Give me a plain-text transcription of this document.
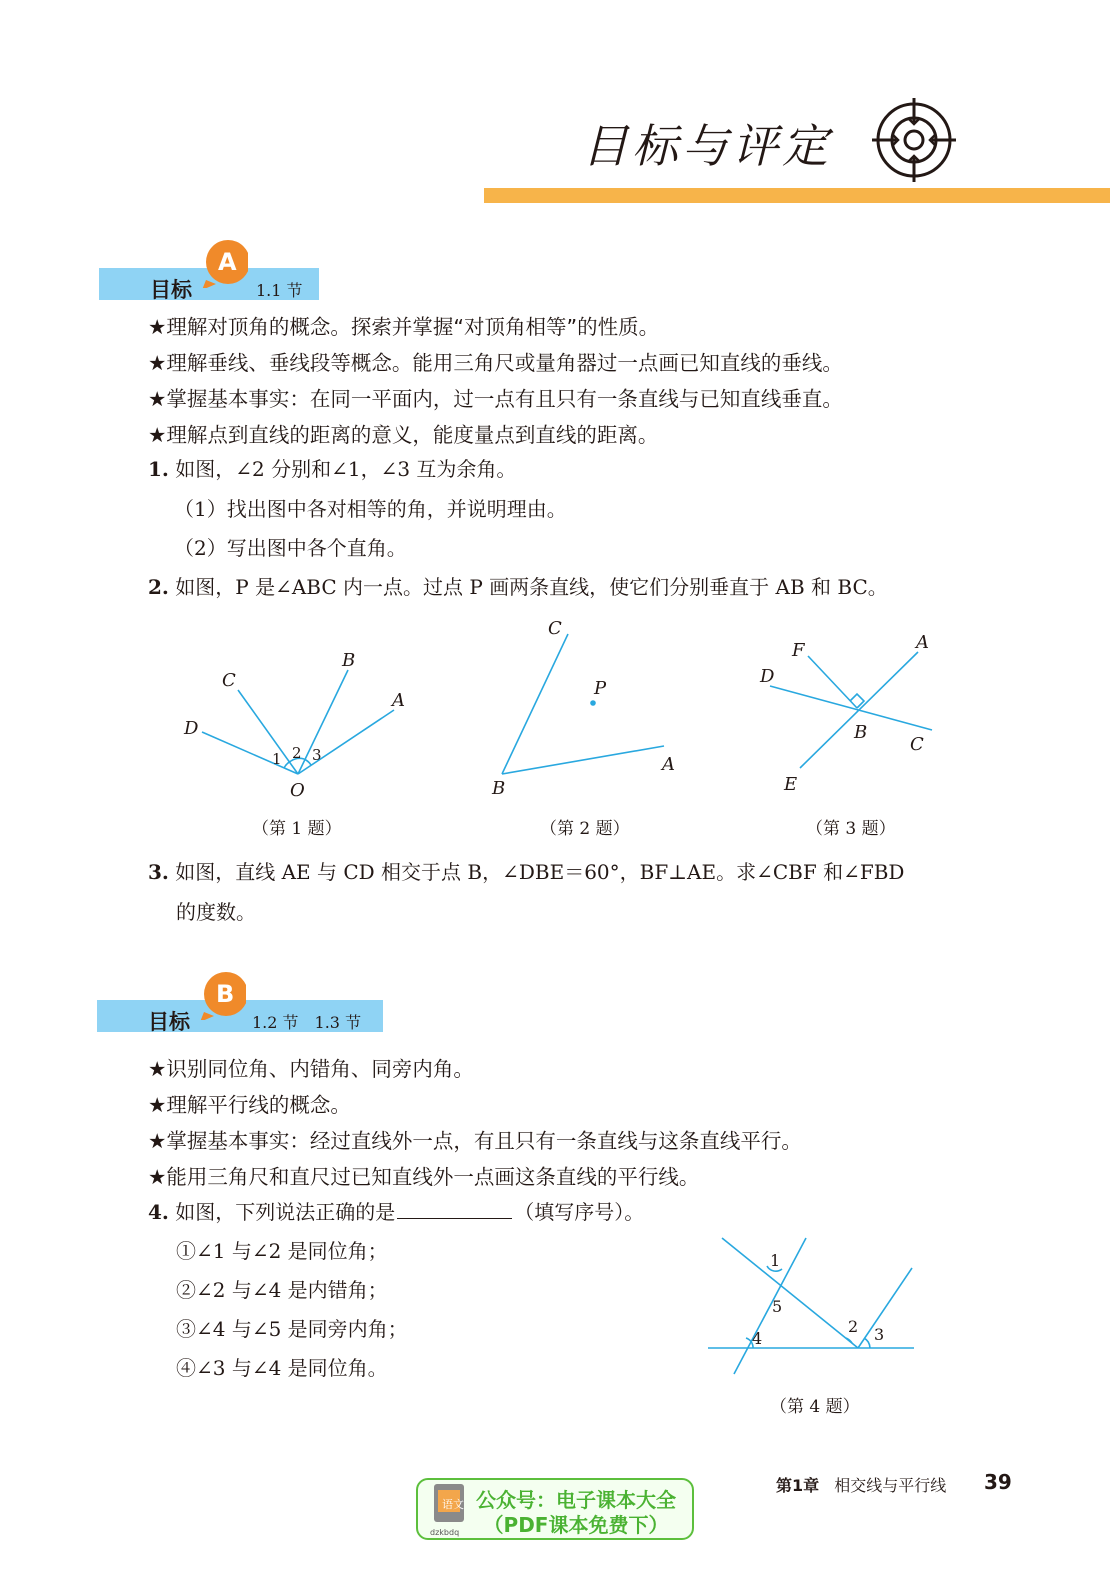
目标与评定
目标
A
1.1 节
★理解对顶角的概念。探索并掌握“对顶角相等”的性质。
★理解垂线、垂线段等概念。能用三角尺或量角器过一点画已知直线的垂线。
★掌握基本事实：在同一平面内，过一点有且只有一条直线与已知直线垂直。
★理解点到直线的距离的意义，能度量点到直线的距离。
1. 如图，∠2 分别和∠1，∠3 互为余角。
（1）找出图中各对相等的角，并说明理由。
（2）写出图中各个直角。
2. 如图，P 是∠ABC 内一点。过点 P 画两条直线，使它们分别垂直于 AB 和 BC。
C
B
A
D
O
1 2 3
（第 1 题）
C
P
A
B
（第 2 题）
F	A
D
B
C
E
（第 3 题）
3. 如图，直线 AE 与 CD 相交于点 B，∠DBE＝60°，BF⊥AE。求∠CBF 和∠FBD
的度数。
目标
B
1.2 节　1.3 节
★识别同位角、内错角、同旁内角。
★理解平行线的概念。
★掌握基本事实：经过直线外一点，有且只有一条直线与这条直线平行。
★能用三角尺和直尺过已知直线外一点画这条直线的平行线。
4. 如图，下列说法正确的是	（填写序号）。
①∠1 与∠2 是同位角；
②∠2 与∠4 是内错角；
③∠4 与∠5 是同旁内角；
④∠3 与∠4 是同位角。
1
5
4
2 3
（第 4 题）
第1章 相交线与平行线 39
语文
dzkbdq
公众号：电子课本大全
（PDF课本免费下）
